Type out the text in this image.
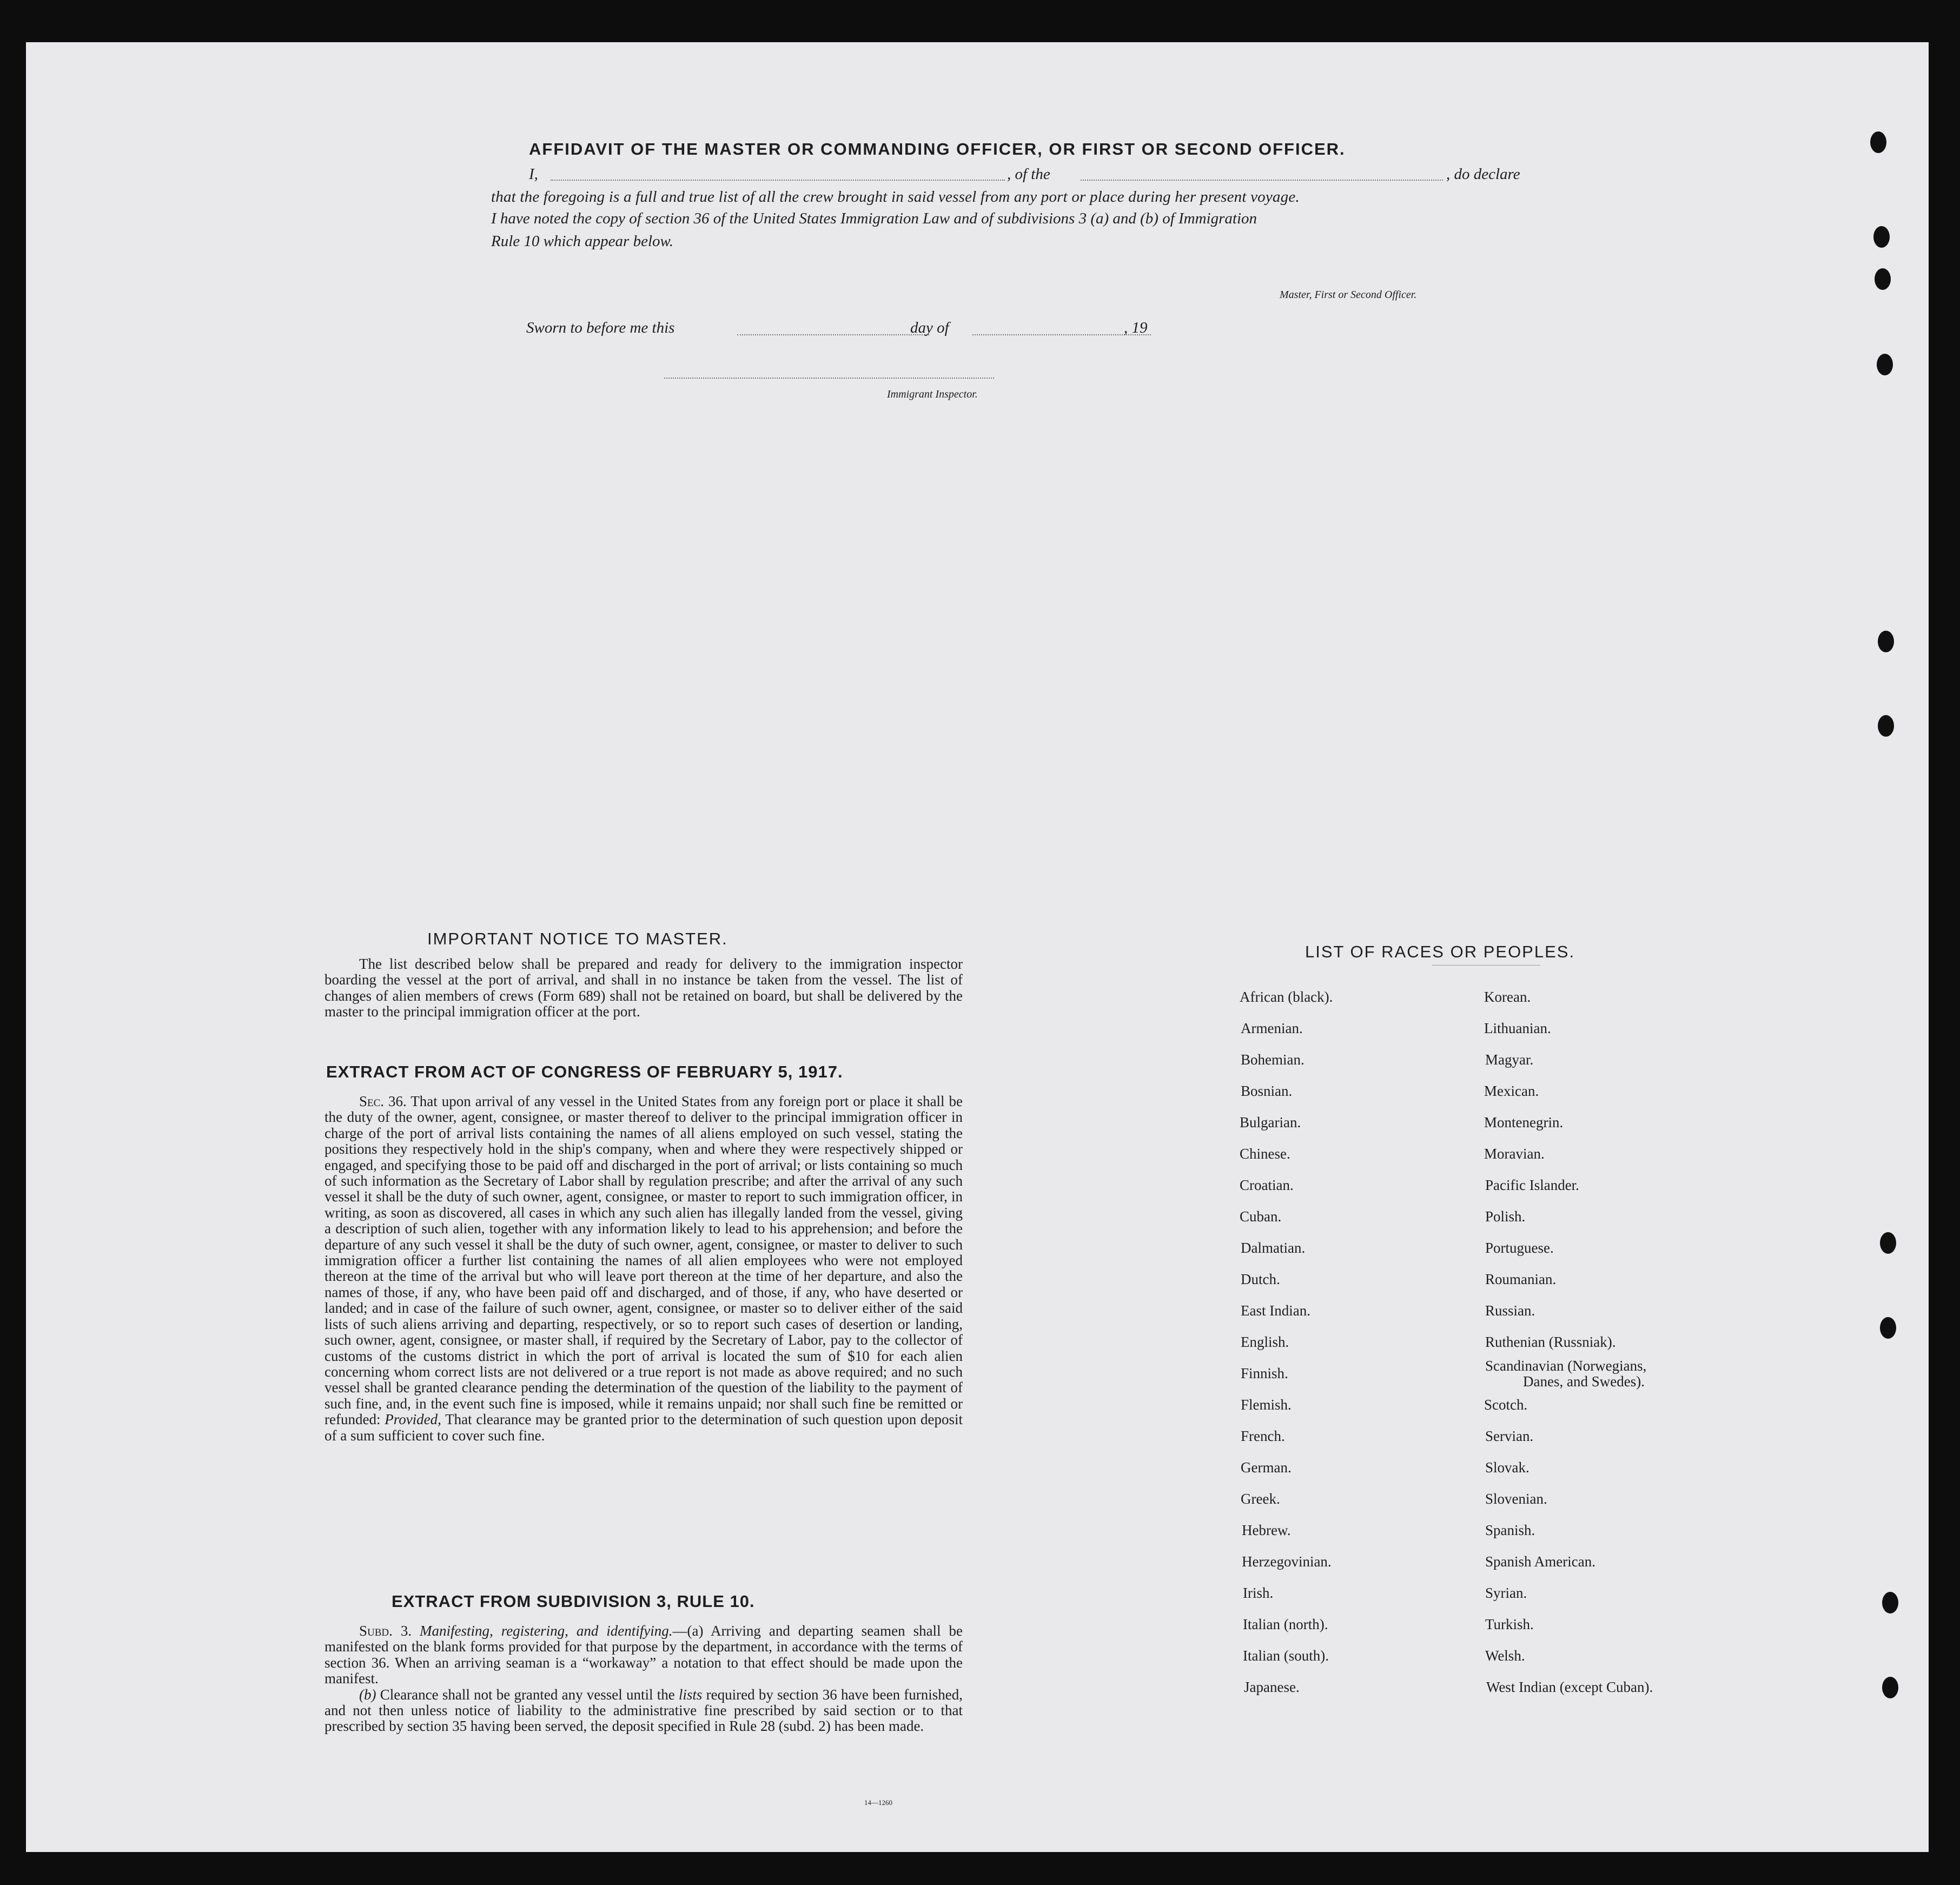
AFFIDAVIT OF THE MASTER OR COMMANDING OFFICER, OR FIRST OR SECOND OFFICER.
I,	, of the	, do declare
that the foregoing is a full and true list of all the crew brought in said vessel from any port or place during her present voyage.
I have noted the copy of section 36 of the United States Immigration Law and of subdivisions 3 (a) and (b) of Immigration
Rule 10 which appear below.
Master, First or Second Officer.
Sworn to before me this	day of	, 19
Immigrant Inspector.
IMPORTANT NOTICE TO MASTER.

The list described below shall be prepared and ready for delivery to the immigration inspector boarding the vessel at the port of arrival, and shall in no instance be taken from the vessel. The list of changes of alien members of crews (Form 689) shall not be retained on board, but shall be delivered by the master to the principal immigration officer at the port.

EXTRACT FROM ACT OF CONGRESS OF FEBRUARY 5, 1917.

Sec. 36. That upon arrival of any vessel in the United States from any foreign port or place it shall be the duty of the owner, agent, consignee, or master thereof to deliver to the principal immigration officer in charge of the port of arrival lists containing the names of all aliens employed on such vessel, stating the positions they respectively hold in the ship's company, when and where they were respectively shipped or engaged, and specifying those to be paid off and discharged in the port of arrival; or lists containing so much of such information as the Secretary of Labor shall by regulation prescribe; and after the arrival of any such vessel it shall be the duty of such owner, agent, consignee, or master to report to such immigration officer, in writing, as soon as discovered, all cases in which any such alien has illegally landed from the vessel, giving a description of such alien, together with any information likely to lead to his apprehension; and before the departure of any such vessel it shall be the duty of such owner, agent, consignee, or master to deliver to such immigration officer a further list containing the names of all alien employees who were not employed thereon at the time of the arrival but who will leave port thereon at the time of her departure, and also the names of those, if any, who have been paid off and discharged, and of those, if any, who have deserted or landed; and in case of the failure of such owner, agent, consignee, or master so to deliver either of the said lists of such aliens arriving and departing, respectively, or so to report such cases of desertion or landing, such owner, agent, consignee, or master shall, if required by the Secretary of Labor, pay to the collector of customs of the customs district in which the port of arrival is located the sum of $10 for each alien concerning whom correct lists are not delivered or a true report is not made as above required; and no such vessel shall be granted clearance pending the determination of the question of the liability to the payment of such fine, and, in the event such fine is imposed, while it remains unpaid; nor shall such fine be remitted or refunded: Provided, That clearance may be granted prior to the determination of such question upon deposit of a sum sufficient to cover such fine.

EXTRACT FROM SUBDIVISION 3, RULE 10.

Subd. 3. Manifesting, registering, and identifying.—(a) Arriving and departing seamen shall be manifested on the blank forms provided for that purpose by the department, in accordance with the terms of section 36. When an arriving seaman is a “workaway” a notation to that effect should be made upon the manifest.

(b) Clearance shall not be granted any vessel until the lists required by section 36 have been furnished, and not then unless notice of liability to the administrative fine prescribed by said section or to that prescribed by section 35 having been served, the deposit specified in Rule 28 (subd. 2) has been made.

14—1260
LIST OF RACES OR PEOPLES.
African (black).
Armenian.
Bohemian.
Bosnian.
Bulgarian.
Chinese.
Croatian.
Cuban.
Dalmatian.
Dutch.
East Indian.
English.
Finnish.
Flemish.
French.
German.
Greek.
Hebrew.
Herzegovinian.
Irish.
Italian (north).
Italian (south).
Japanese.
Korean.
Lithuanian.
Magyar.
Mexican.
Montenegrin.
Moravian.
Pacific Islander.
Polish.
Portuguese.
Roumanian.
Russian.
Ruthenian (Russniak).
Scandinavian (Norwegians,
Danes, and Swedes).
Scotch.
Servian.
Slovak.
Slovenian.
Spanish.
Spanish American.
Syrian.
Turkish.
Welsh.
West Indian (except Cuban).
